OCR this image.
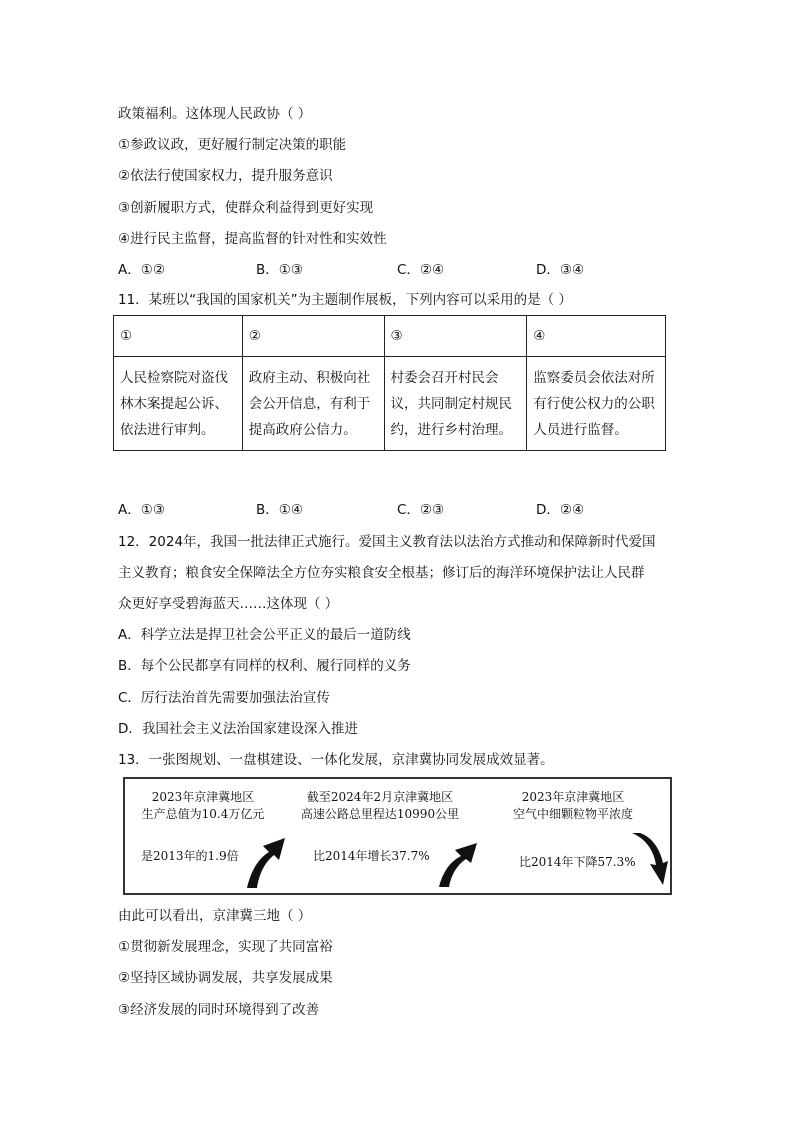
政策福利。这体现人民政协（ ）
①参政议政，更好履行制定决策的职能
②依法行使国家权力，提升服务意识
③创新履职方式，使群众利益得到更好实现
④进行民主监督，提高监督的针对性和实效性
A．①②	B．①③	C．②④	D．③④
11．某班以“我国的国家机关”为主题制作展板，下列内容可以采用的是（ ）
①	②	③	④
人民检察院对盗伐林木案提起公诉、依法进行审判。	政府主动、积极向社会公开信息，有利于提高政府公信力。	村委会召开村民会议，共同制定村规民约，进行乡村治理。	监察委员会依法对所有行使公权力的公职人员进行监督。
A．①③	B．①④	C．②③	D．②④
12．2024年，我国一批法律正式施行。爱国主义教育法以法治方式推动和保障新时代爱国
主义教育；粮食安全保障法全方位夯实粮食安全根基；修订后的海洋环境保护法让人民群
众更好享受碧海蓝天……这体现（ ）
A．科学立法是捍卫社会公平正义的最后一道防线
B．每个公民都享有同样的权利、履行同样的义务
C．厉行法治首先需要加强法治宣传
D．我国社会主义法治国家建设深入推进
13．一张图规划、一盘棋建设、一体化发展，京津冀协同发展成效显著。
2023年京津冀地区
生产总值为10.4万亿元
是2013年的1.9倍
截至2024年2月京津冀地区
高速公路总里程达10990公里
比2014年增长37.7%
2023年京津冀地区
空气中细颗粒物平浓度
比2014年下降57.3%
由此可以看出，京津冀三地（ ）
①贯彻新发展理念，实现了共同富裕
②坚持区域协调发展，共享发展成果
③经济发展的同时环境得到了改善
